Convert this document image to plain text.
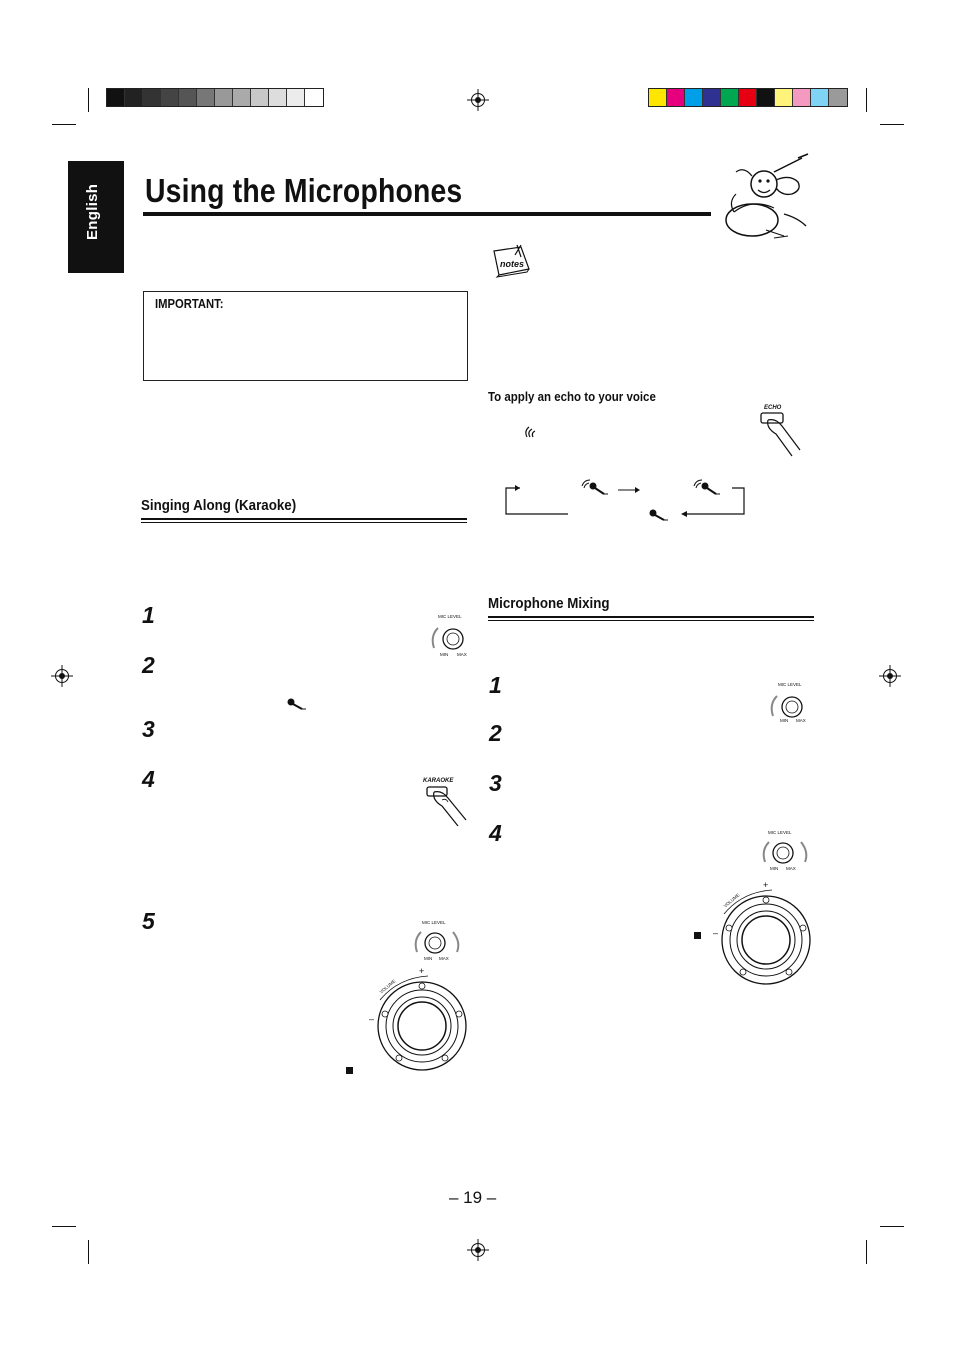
English Using the Microphones
IMPORTANT:
notes
Singing Along (Karaoke)
1
2
3
4
5
MIC LEVEL
MIN MAX
KARAOKE
MIC LEVEL
MIN MAX
VOLUME
+
–
To apply an echo to your voice
ECHO
Microphone Mixing
1
2
3
4
MIC LEVEL
MIN MAX
MIC LEVEL
MIN MAX
VOLUME
+
–
– 19 –
